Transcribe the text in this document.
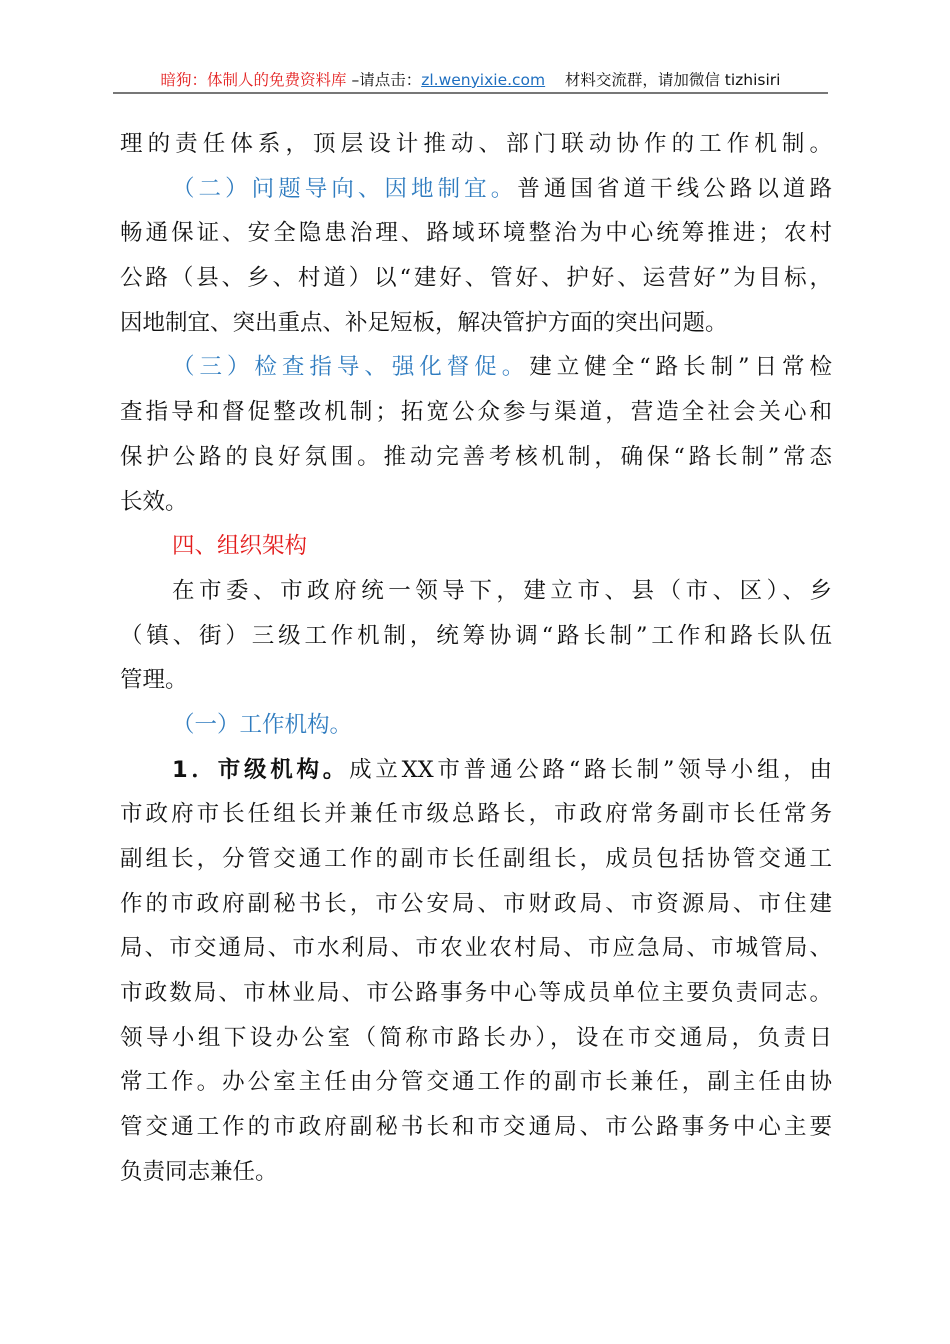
暗狗：体制人的免费资料库 –请点击：zl.wenyixie.com    材料交流群，请加微信 tizhisiri
理的责任体系，顶层设计推动、部门联动协作的工作机制。
（二）问题导向、因地制宜。普通国省道干线公路以道路
畅通保证、安全隐患治理、路域环境整治为中心统筹推进；农村
公路（县、乡、村道）以“建好、管好、护好、运营好”为目标，
因地制宜、突出重点、补足短板，解决管护方面的突出问题。
（三）检查指导、强化督促。建立健全“路长制”日常检
查指导和督促整改机制；拓宽公众参与渠道，营造全社会关心和
保护公路的良好氛围。推动完善考核机制，确保“路长制”常态
长效。
四、组织架构
在市委、市政府统一领导下，建立市、县（市、区）、乡
（镇、街）三级工作机制，统筹协调“路长制”工作和路长队伍
管理。
（一）工作机构。
1．市级机构。成立XX市普通公路“路长制”领导小组，由
市政府市长任组长并兼任市级总路长，市政府常务副市长任常务
副组长，分管交通工作的副市长任副组长，成员包括协管交通工
作的市政府副秘书长，市公安局、市财政局、市资源局、市住建
局、市交通局、市水利局、市农业农村局、市应急局、市城管局、
市政数局、市林业局、市公路事务中心等成员单位主要负责同志。
领导小组下设办公室（简称市路长办），设在市交通局，负责日
常工作。办公室主任由分管交通工作的副市长兼任，副主任由协
管交通工作的市政府副秘书长和市交通局、市公路事务中心主要
负责同志兼任。
